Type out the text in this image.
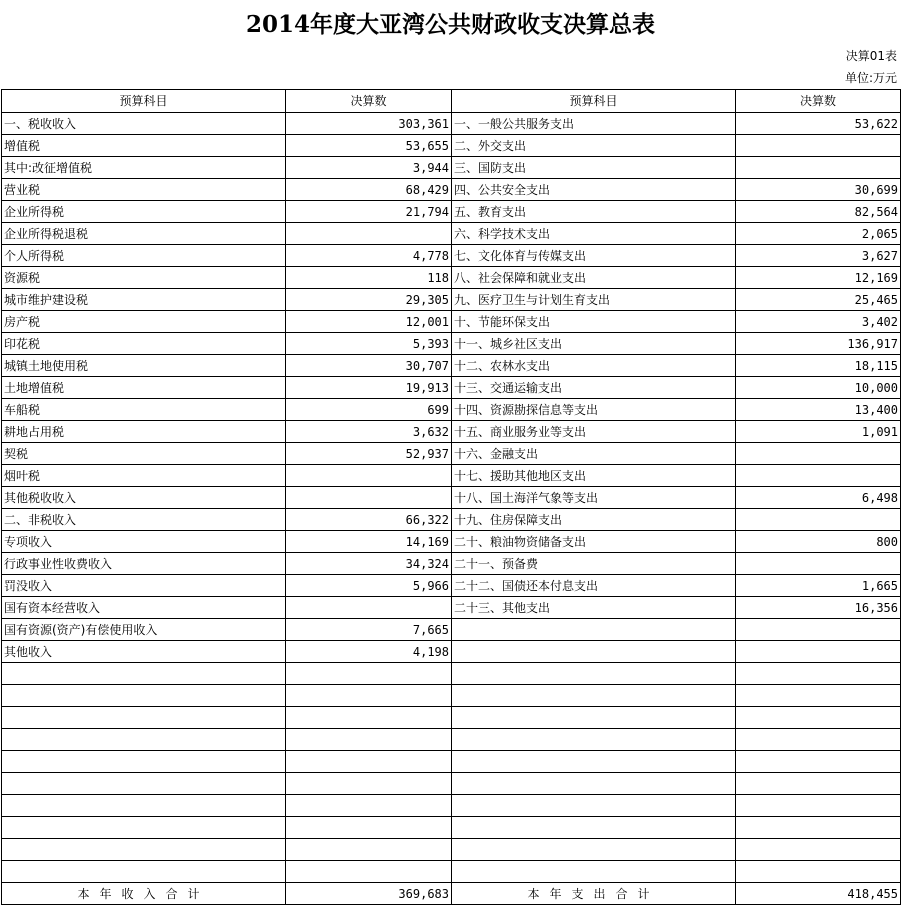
2014年度大亚湾公共财政收支决算总表
决算01表
单位:万元
预算科目	决算数	预算科目	决算数
一、税收收入	303,361	一、一般公共服务支出	53,622
增值税	53,655	二、外交支出	
其中:改征增值税	3,944	三、国防支出	
营业税	68,429	四、公共安全支出	30,699
企业所得税	21,794	五、教育支出	82,564
企业所得税退税		六、科学技术支出	2,065
个人所得税	4,778	七、文化体育与传媒支出	3,627
资源税	118	八、社会保障和就业支出	12,169
城市维护建设税	29,305	九、医疗卫生与计划生育支出	25,465
房产税	12,001	十、节能环保支出	3,402
印花税	5,393	十一、城乡社区支出	136,917
城镇土地使用税	30,707	十二、农林水支出	18,115
土地增值税	19,913	十三、交通运输支出	10,000
车船税	699	十四、资源勘探信息等支出	13,400
耕地占用税	3,632	十五、商业服务业等支出	1,091
契税	52,937	十六、金融支出	
烟叶税		十七、援助其他地区支出	
其他税收收入		十八、国土海洋气象等支出	6,498
二、非税收入	66,322	十九、住房保障支出	
专项收入	14,169	二十、粮油物资储备支出	800
行政事业性收费收入	34,324	二十一、预备费	
罚没收入	5,966	二十二、国债还本付息支出	1,665
国有资本经营收入		二十三、其他支出	16,356
国有资源(资产)有偿使用收入	7,665		
其他收入	4,198		

本年收入合计	369,683	本年支出合计	418,455
